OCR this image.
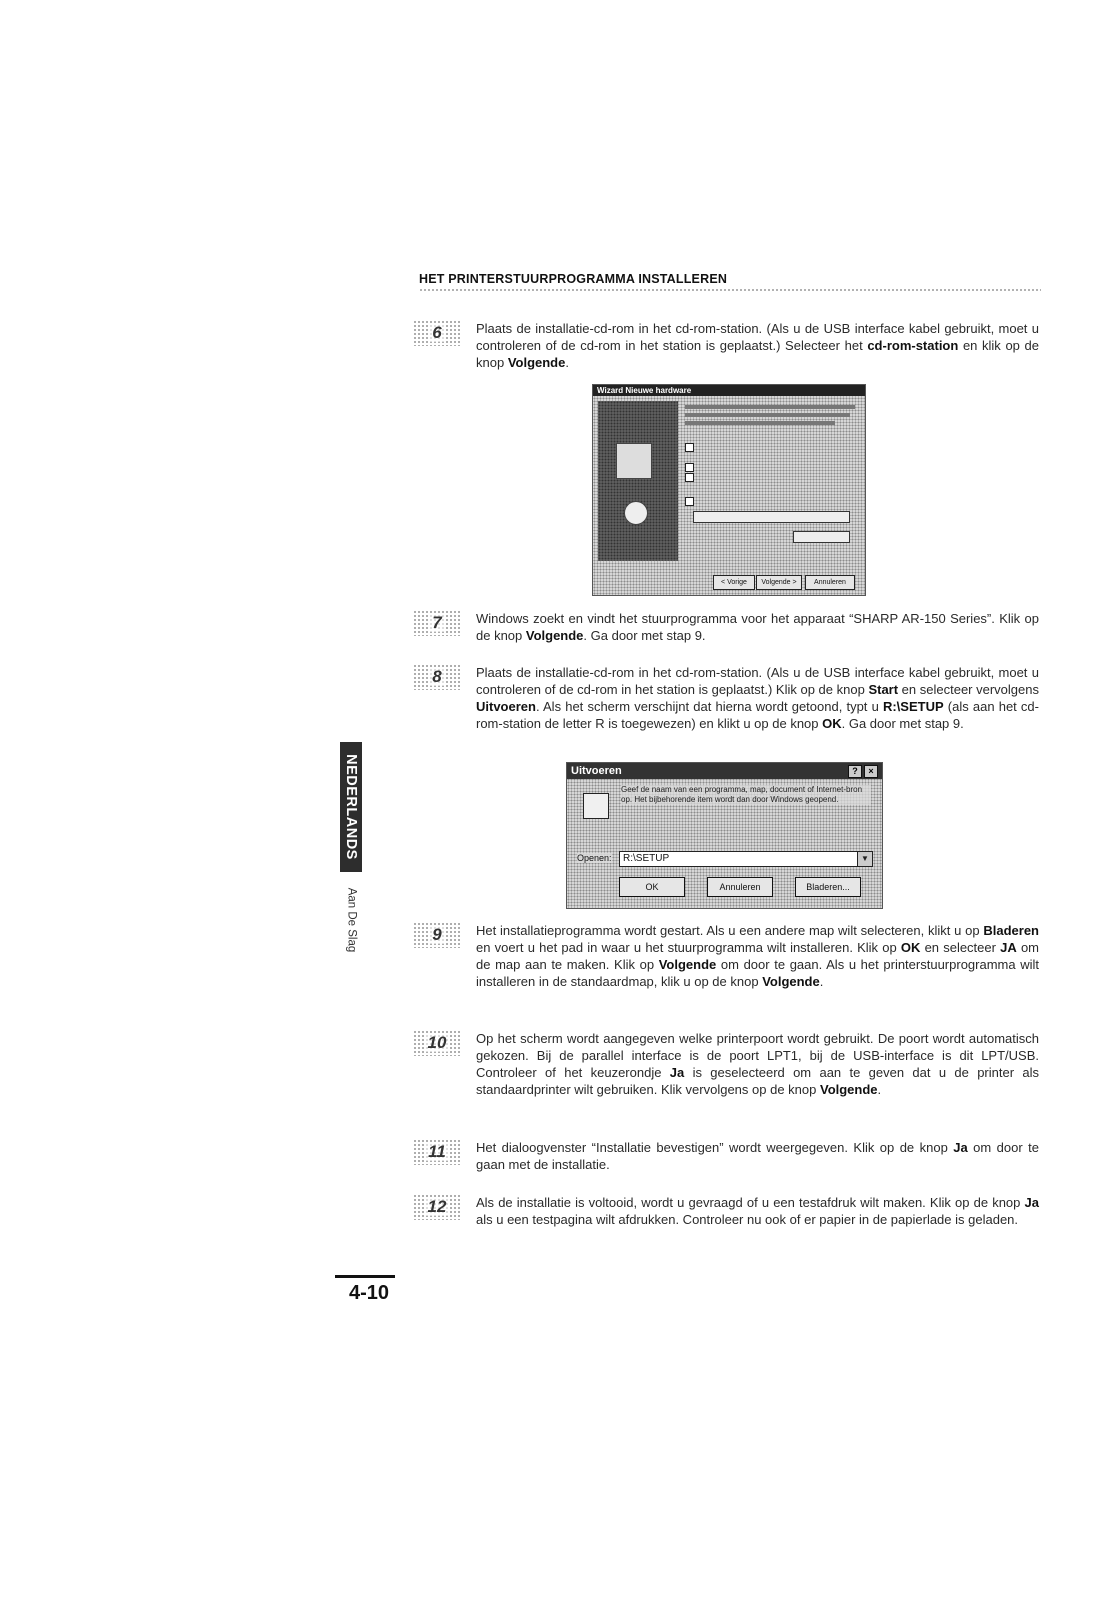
HET PRINTERSTUURPROGRAMMA INSTALLEREN
6	Plaats de installatie-cd-rom in het cd-rom-station. (Als u de USB interface kabel gebruikt, moet u controleren of de cd-rom in het station is geplaatst.) Selecteer het cd-rom-station en klik op de knop Volgende.
Wizard Nieuwe hardware
< Vorige	Volgende >	Annuleren
7	Windows zoekt en vindt het stuurprogramma voor het apparaat “SHARP AR-150 Series”. Klik op de knop Volgende. Ga door met stap 9.
8	Plaats de installatie-cd-rom in het cd-rom-station. (Als u de USB interface kabel gebruikt, moet u controleren of de cd-rom in het station is geplaatst.) Klik op de knop Start en selecteer vervolgens Uitvoeren. Als het scherm verschijnt dat hierna wordt getoond, typt u R:\SETUP (als aan het cd-rom-station de letter R is toegewezen) en klikt u op de knop OK. Ga door met stap 9.
Uitvoeren	?	×
Geef de naam van een programma, map, document of Internet-bron op. Het bijbehorende item wordt dan door Windows geopend.
Openen:	R:\SETUP	▼
OK	Annuleren	Bladeren...
9	Het installatieprogramma wordt gestart. Als u een andere map wilt selecteren, klikt u op Bladeren en voert u het pad in waar u het stuurprogramma wilt installeren. Klik op OK en selecteer JA om de map aan te maken. Klik op Volgende om door te gaan. Als u het printerstuurprogramma wilt installeren in de standaardmap, klik u op de knop Volgende.
10 Op het scherm wordt aangegeven welke printerpoort wordt gebruikt. De poort wordt automatisch gekozen. Bij de parallel interface is de poort LPT1, bij de USB-interface is dit LPT/USB. Controleer of het keuzerondje Ja is geselecteerd om aan te geven dat u de printer als standaardprinter wilt gebruiken. Klik vervolgens op de knop Volgende.
11 Het dialoogvenster “Installatie bevestigen” wordt weergegeven. Klik op de knop Ja om door te gaan met de installatie.
12 Als de installatie is voltooid, wordt u gevraagd of u een testafdruk wilt maken. Klik op de knop Ja als u een testpagina wilt afdrukken. Controleer nu ook of er papier in de papierlade is geladen.
NEDERLANDS
Aan De Slag
4-10
